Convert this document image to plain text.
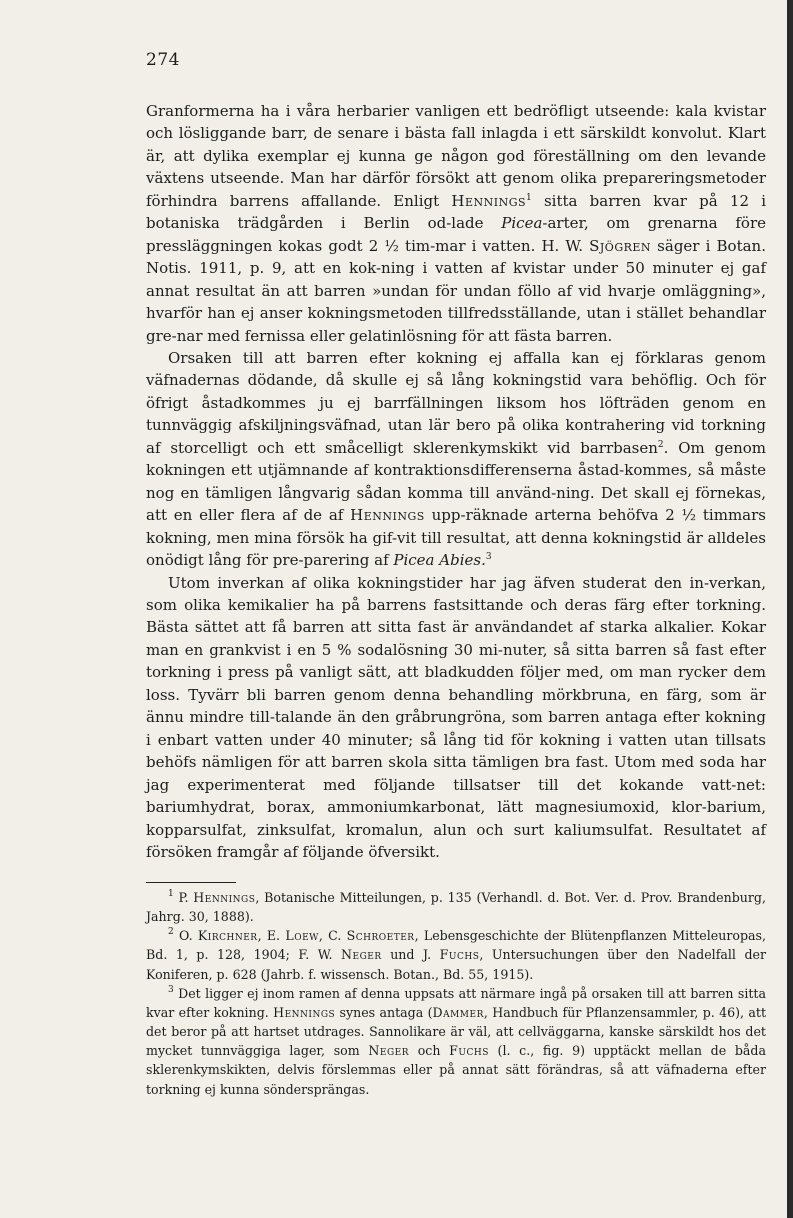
274

Granformerna ha i våra herbarier vanligen ett bedröfligt utseende: kala kvistar och lösliggande barr, de senare i bästa fall inlagda i ett särskildt konvolut. Klart är, att dylika exemplar ej kunna ge någon god föreställning om den levande växtens utseende. Man har därför försökt att genom olika prepareringsmetoder förhindra barrens affallande. Enligt Hennings$^1$ sitta barren kvar på 12 i botaniska trädgården i Berlin od-lade Picea-arter, om grenarna före pressläggningen kokas godt 2 ½ tim-mar i vatten. H. W. Sjögren säger i Botan. Notis. 1911, p. 9, att en kok-ning i vatten af kvistar under 50 minuter ej gaf annat resultat än att barren »undan för undan föllo af vid hvarje omläggning», hvarför han ej anser kokningsmetoden tillfredsställande, utan i stället behandlar gre-nar med fernissa eller gelatinlösning för att fästa barren.

Orsaken till att barren efter kokning ej affalla kan ej förklaras genom väfnadernas dödande, då skulle ej så lång kokningstid vara behöflig. Och för öfrigt åstadkommes ju ej barrfällningen liksom hos löfträden genom en tunnväggig afskiljningsväfnad, utan lär bero på olika kontrahering vid torkning af storcelligt och ett småcelligt sklerenkymskikt vid barrbasen$^2$. Om genom kokningen ett utjämnande af kontraktionsdifferenserna åstad-kommes, så måste nog en tämligen långvarig sådan komma till använd-ning. Det skall ej förnekas, att en eller flera af de af Hennings upp-räknade arterna behöfva 2 ½ timmars kokning, men mina försök ha gif-vit till resultat, att denna kokningstid är alldeles onödigt lång för pre-parering af Picea Abies.$^3$

Utom inverkan af olika kokningstider har jag äfven studerat den in-verkan, som olika kemikalier ha på barrens fastsittande och deras färg efter torkning. Bästa sättet att få barren att sitta fast är användandet af starka alkalier. Kokar man en grankvist i en 5 % sodalösning 30 mi-nuter, så sitta barren så fast efter torkning i press på vanligt sätt, att bladkudden följer med, om man rycker dem loss. Tyvärr bli barren genom denna behandling mörkbruna, en färg, som är ännu mindre till-talande än den gråbrungröna, som barren antaga efter kokning i enbart vatten under 40 minuter; så lång tid för kokning i vatten utan tillsats behöfs nämligen för att barren skola sitta tämligen bra fast. Utom med soda har jag experimenterat med följande tillsatser till det kokande vatt-net: bariumhydrat, borax, ammoniumkarbonat, lätt magnesiumoxid, klor-barium, kopparsulfat, zinksulfat, kromalun, alun och surt kaliumsulfat. Resultatet af försöken framgår af följande öfversikt.

$^1$ P. Hennings, Botanische Mitteilungen, p. 135 (Verhandl. d. Bot. Ver. d. Prov. Brandenburg, Jahrg. 30, 1888).

$^2$ O. Kirchner, E. Loew, C. Schroeter, Lebensgeschichte der Blütenpflanzen Mitteleuropas, Bd. 1, p. 128, 1904; F. W. Neger und J. Fuchs, Untersuchungen über den Nadelfall der Koniferen, p. 628 (Jahrb. f. wissensch. Botan., Bd. 55, 1915).

$^3$ Det ligger ej inom ramen af denna uppsats att närmare ingå på orsaken till att barren sitta kvar efter kokning. Hennings synes antaga (Dammer, Handbuch für Pflanzensammler, p. 46), att det beror på att hartset utdrages. Sannolikare är väl, att cellväggarna, kanske särskildt hos det mycket tunnväggiga lager, som Neger och Fuchs (l. c., fig. 9) upptäckt mellan de båda sklerenkymskikten, delvis förslemmas eller på annat sätt förändras, så att väfnaderna efter torkning ej kunna söndersprängas.
